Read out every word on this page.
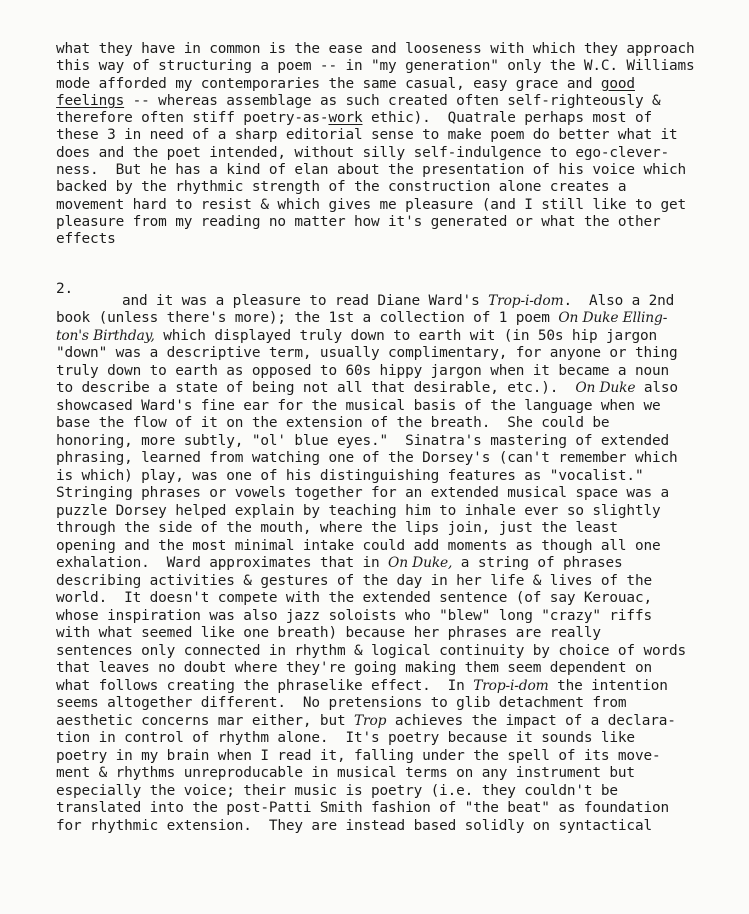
what they have in common is the ease and looseness with which they approach
this way of structuring a poem -- in "my generation" only the W.C. Williams
mode afforded my contemporaries the same casual, easy grace and good
feelings -- whereas assemblage as such created often self-righteously &
therefore often stiff poetry-as-work ethic).  Quatrale perhaps most of
these 3 in need of a sharp editorial sense to make poem do better what it
does and the poet intended, without silly self-indulgence to ego-clever-
ness.  But he has a kind of elan about the presentation of his voice which
backed by the rhythmic strength of the construction alone creates a
movement hard to resist & which gives me pleasure (and I still like to get
pleasure from my reading no matter how it's generated or what the other
effects
2.
and it was a pleasure to read Diane Ward's Trop-i-dom.  Also a 2nd
book (unless there's more); the 1st a collection of 1 poem On Duke Elling-
ton's Birthday, which displayed truly down to earth wit (in 50s hip jargon
"down" was a descriptive term, usually complimentary, for anyone or thing
truly down to earth as opposed to 60s hippy jargon when it became a noun
to describe a state of being not all that desirable, etc.).  On Duke also
showcased Ward's fine ear for the musical basis of the language when we
base the flow of it on the extension of the breath.  She could be
honoring, more subtly, "ol' blue eyes."  Sinatra's mastering of extended
phrasing, learned from watching one of the Dorsey's (can't remember which
is which) play, was one of his distinguishing features as "vocalist."
Stringing phrases or vowels together for an extended musical space was a
puzzle Dorsey helped explain by teaching him to inhale ever so slightly
through the side of the mouth, where the lips join, just the least
opening and the most minimal intake could add moments as though all one
exhalation.  Ward approximates that in On Duke, a string of phrases
describing activities & gestures of the day in her life & lives of the
world.  It doesn't compete with the extended sentence (of say Kerouac,
whose inspiration was also jazz soloists who "blew" long "crazy" riffs
with what seemed like one breath) because her phrases are really
sentences only connected in rhythm & logical continuity by choice of words
that leaves no doubt where they're going making them seem dependent on
what follows creating the phraselike effect.  In Trop-i-dom the intention
seems altogether different.  No pretensions to glib detachment from
aesthetic concerns mar either, but Trop achieves the impact of a declara-
tion in control of rhythm alone.  It's poetry because it sounds like
poetry in my brain when I read it, falling under the spell of its move-
ment & rhythms unreproducable in musical terms on any instrument but
especially the voice; their music is poetry (i.e. they couldn't be
translated into the post-Patti Smith fashion of "the beat" as foundation
for rhythmic extension.  They are instead based solidly on syntactical
